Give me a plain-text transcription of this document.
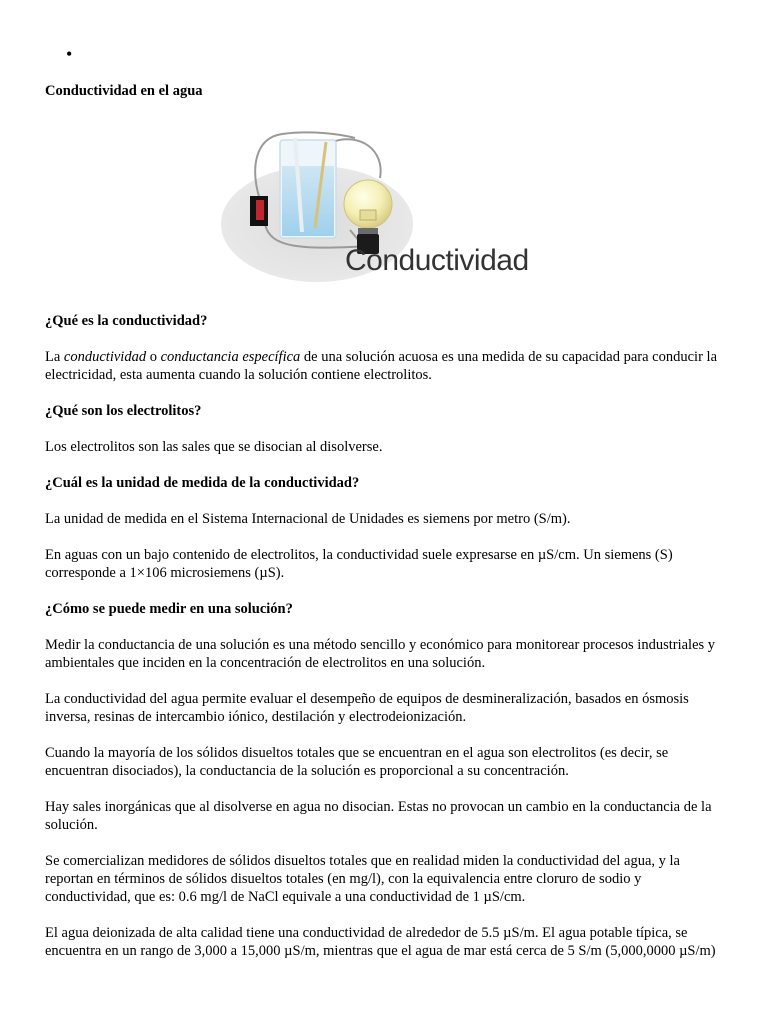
•

Conductividad en el agua

Conductividad

¿Qué es la conductividad?

La conductividad o conductancia específica de una solución acuosa es una medida de su capacidad para conducir la electricidad, esta aumenta cuando la solución contiene electrolitos.

¿Qué son los electrolitos?

Los electrolitos son las sales que se disocian al disolverse.

¿Cuál es la unidad de medida de la conductividad?

La unidad de medida en el Sistema Internacional de Unidades es siemens por metro (S/m).

En aguas con un bajo contenido de electrolitos, la conductividad suele expresarse en µS/cm. Un siemens (S) corresponde a 1×106 microsiemens (µS).

¿Cómo se puede medir en una solución?

Medir la conductancia de una solución es una método sencillo y económico para monitorear procesos industriales y ambientales que inciden en la concentración de electrolitos en una solución.

La conductividad del agua permite evaluar el desempeño de equipos de desmineralización, basados en ósmosis inversa, resinas de intercambio iónico, destilación y electrodeionización.

Cuando la mayoría de los sólidos disueltos totales que se encuentran en el agua son electrolitos (es decir, se encuentran disociados), la conductancia de la solución es proporcional a su concentración.

Hay sales inorgánicas que al disolverse en agua no disocian. Estas no provocan un cambio en la conductancia de la solución.

Se comercializan medidores de sólidos disueltos totales que en realidad miden la conductividad del agua, y la reportan en términos de sólidos disueltos totales (en mg/l), con la equivalencia entre cloruro de sodio y conductividad, que es: 0.6 mg/l de NaCl equivale a una conductividad de 1 µS/cm.

El agua deionizada de alta calidad tiene una conductividad de alrededor de 5.5 µS/m. El agua potable típica, se encuentra en un rango de 3,000 a 15,000 µS/m, mientras que el agua de mar está cerca de 5 S/m (5,000,0000 µS/m)
